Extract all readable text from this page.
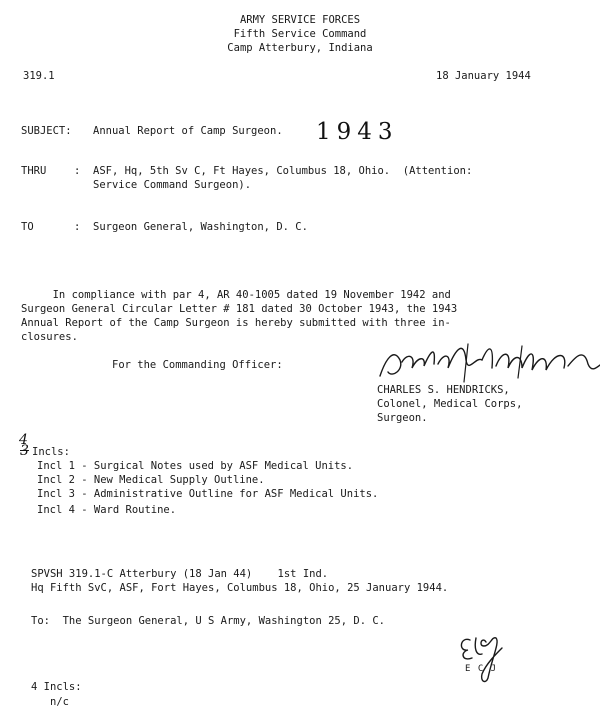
ARMY SERVICE FORCES
Fifth Service Command
Camp Atterbury, Indiana
319.1	18 January 1944
SUBJECT: Annual Report of Camp Surgeon. 1943
THRU	: ASF, Hq, 5th Sv C, Ft Hayes, Columbus 18, Ohio.  (Attention:
Service Command Surgeon).
TO	: Surgeon General, Washington, D. C.
In compliance with par 4, AR 40-1005 dated 19 November 1942 and
Surgeon General Circular Letter # 181 dated 30 October 1943, the 1943
Annual Report of the Camp Surgeon is hereby submitted with three in-
closures.
For the Commanding Officer:
CHARLES S. HENDRICKS,
Colonel, Medical Corps,
Surgeon.
4
3 Incls:
Incl 1 - Surgical Notes used by ASF Medical Units.
Incl 2 - New Medical Supply Outline.
Incl 3 - Administrative Outline for ASF Medical Units.
Incl 4 - Ward Routine.
SPVSH 319.1-C Atterbury (18 Jan 44)    1st Ind.
Hq Fifth SvC, ASF, Fort Hayes, Columbus 18, Ohio, 25 January 1944.
To:  The Surgeon General, U S Army, Washington 25, D. C.
E C J
4 Incls:
n/c
